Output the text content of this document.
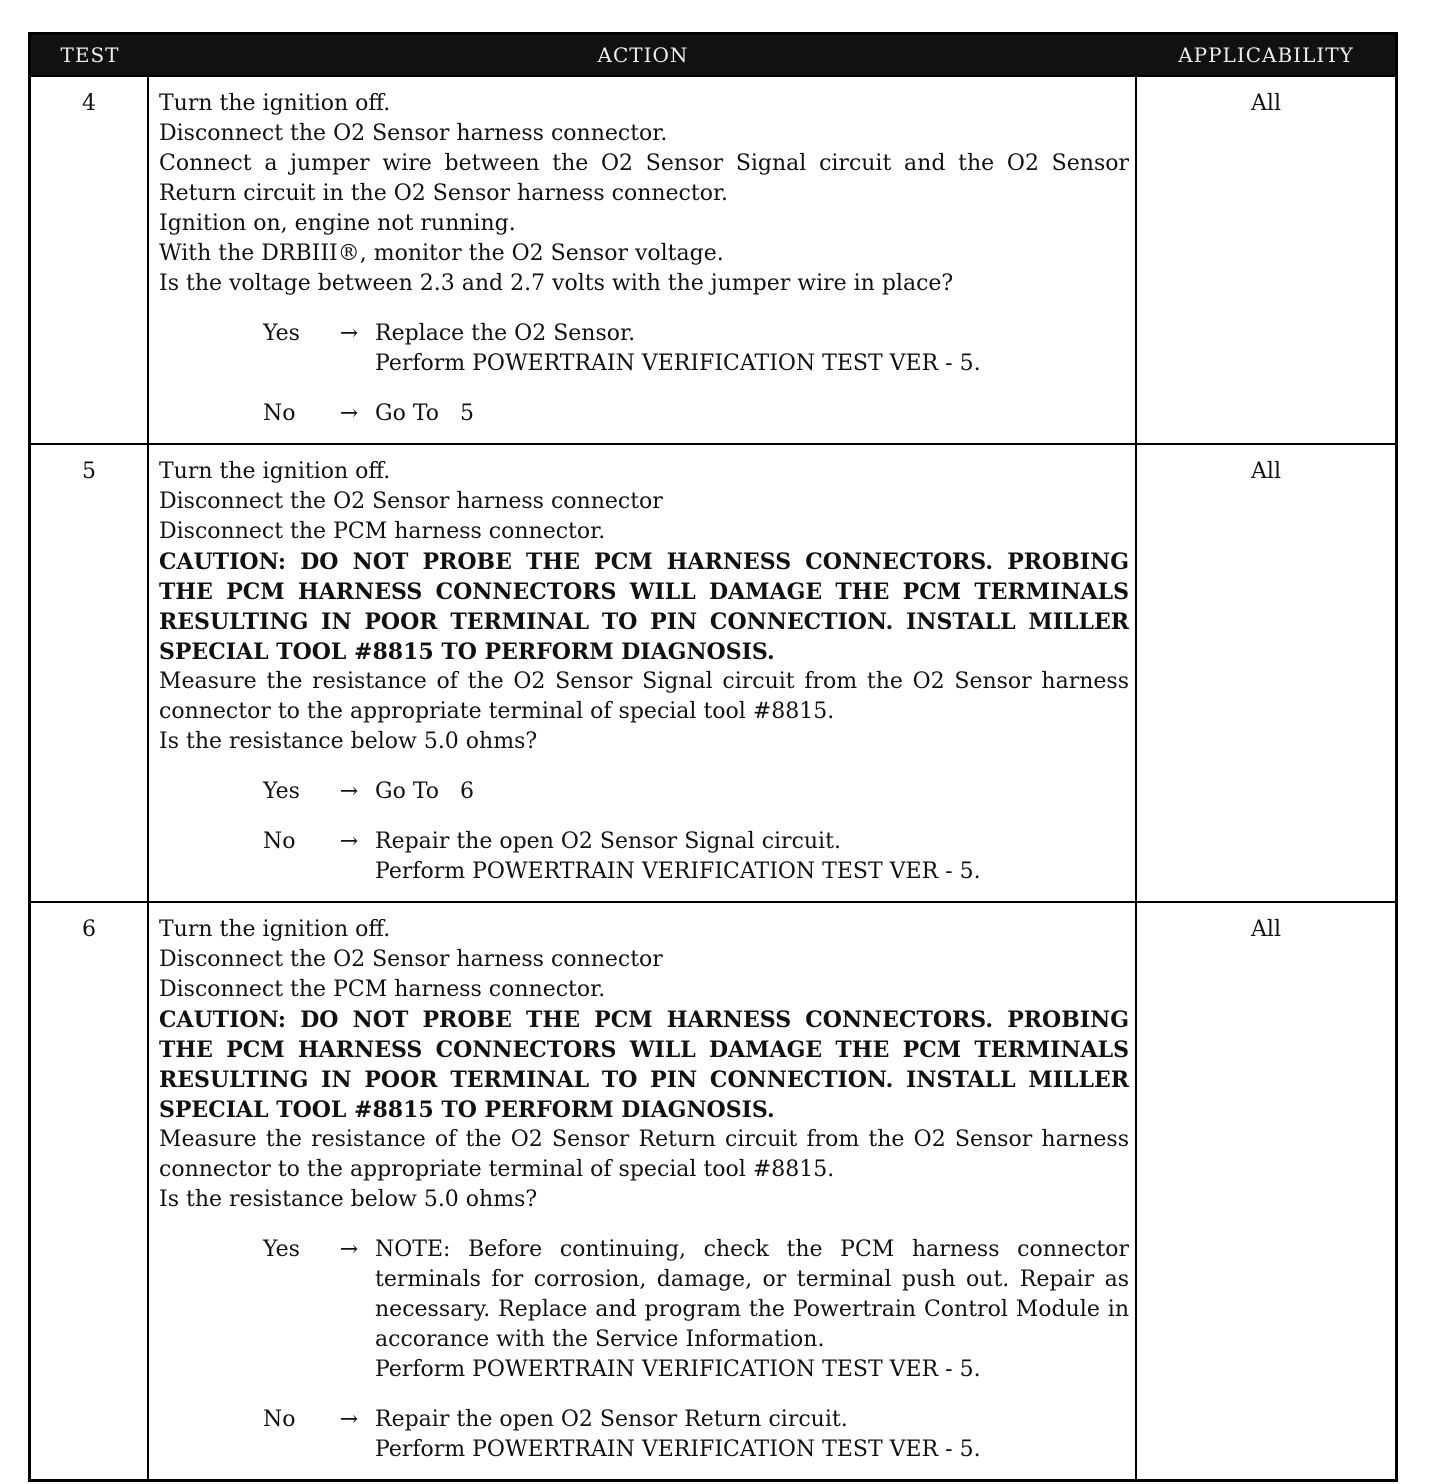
TEST	ACTION	APPLICABILITY
4	Turn the ignition off.

Disconnect the O2 Sensor harness connector.

Connect a jumper wire between the O2 Sensor Signal circuit and the O2 Sensor Return circuit in the O2 Sensor harness connector.

Ignition on, engine not running.

With the DRBIII®, monitor the O2 Sensor voltage.

Is the voltage between 2.3 and 2.7 volts with the jumper wire in place?

Yes	→ Replace the O2 Sensor.
Perform POWERTRAIN VERIFICATION TEST VER - 5.
No	→ Go To   5
All
5	Turn the ignition off.

Disconnect the O2 Sensor harness connector

Disconnect the PCM harness connector.

CAUTION: DO NOT PROBE THE PCM HARNESS CONNECTORS. PROBING THE PCM HARNESS CONNECTORS WILL DAMAGE THE PCM TERMINALS RESULTING IN POOR TERMINAL TO PIN CONNECTION. INSTALL MILLER SPECIAL TOOL #8815 TO PERFORM DIAGNOSIS.

Measure the resistance of the O2 Sensor Signal circuit from the O2 Sensor harness connector to the appropriate terminal of special tool #8815.

Is the resistance below 5.0 ohms?

Yes	→ Go To   6
No	→ Repair the open O2 Sensor Signal circuit.
Perform POWERTRAIN VERIFICATION TEST VER - 5.
All
6	Turn the ignition off.

Disconnect the O2 Sensor harness connector

Disconnect the PCM harness connector.

CAUTION: DO NOT PROBE THE PCM HARNESS CONNECTORS. PROBING THE PCM HARNESS CONNECTORS WILL DAMAGE THE PCM TERMINALS RESULTING IN POOR TERMINAL TO PIN CONNECTION. INSTALL MILLER SPECIAL TOOL #8815 TO PERFORM DIAGNOSIS.

Measure the resistance of the O2 Sensor Return circuit from the O2 Sensor harness connector to the appropriate terminal of special tool #8815.

Is the resistance below 5.0 ohms?

Yes	→ NOTE: Before continuing, check the PCM harness connector terminals for corrosion, damage, or terminal push out. Repair as necessary. Replace and program the Powertrain Control Module in accorance with the Service Information.
Perform POWERTRAIN VERIFICATION TEST VER - 5.
No	→ Repair the open O2 Sensor Return circuit.
Perform POWERTRAIN VERIFICATION TEST VER - 5.
All
